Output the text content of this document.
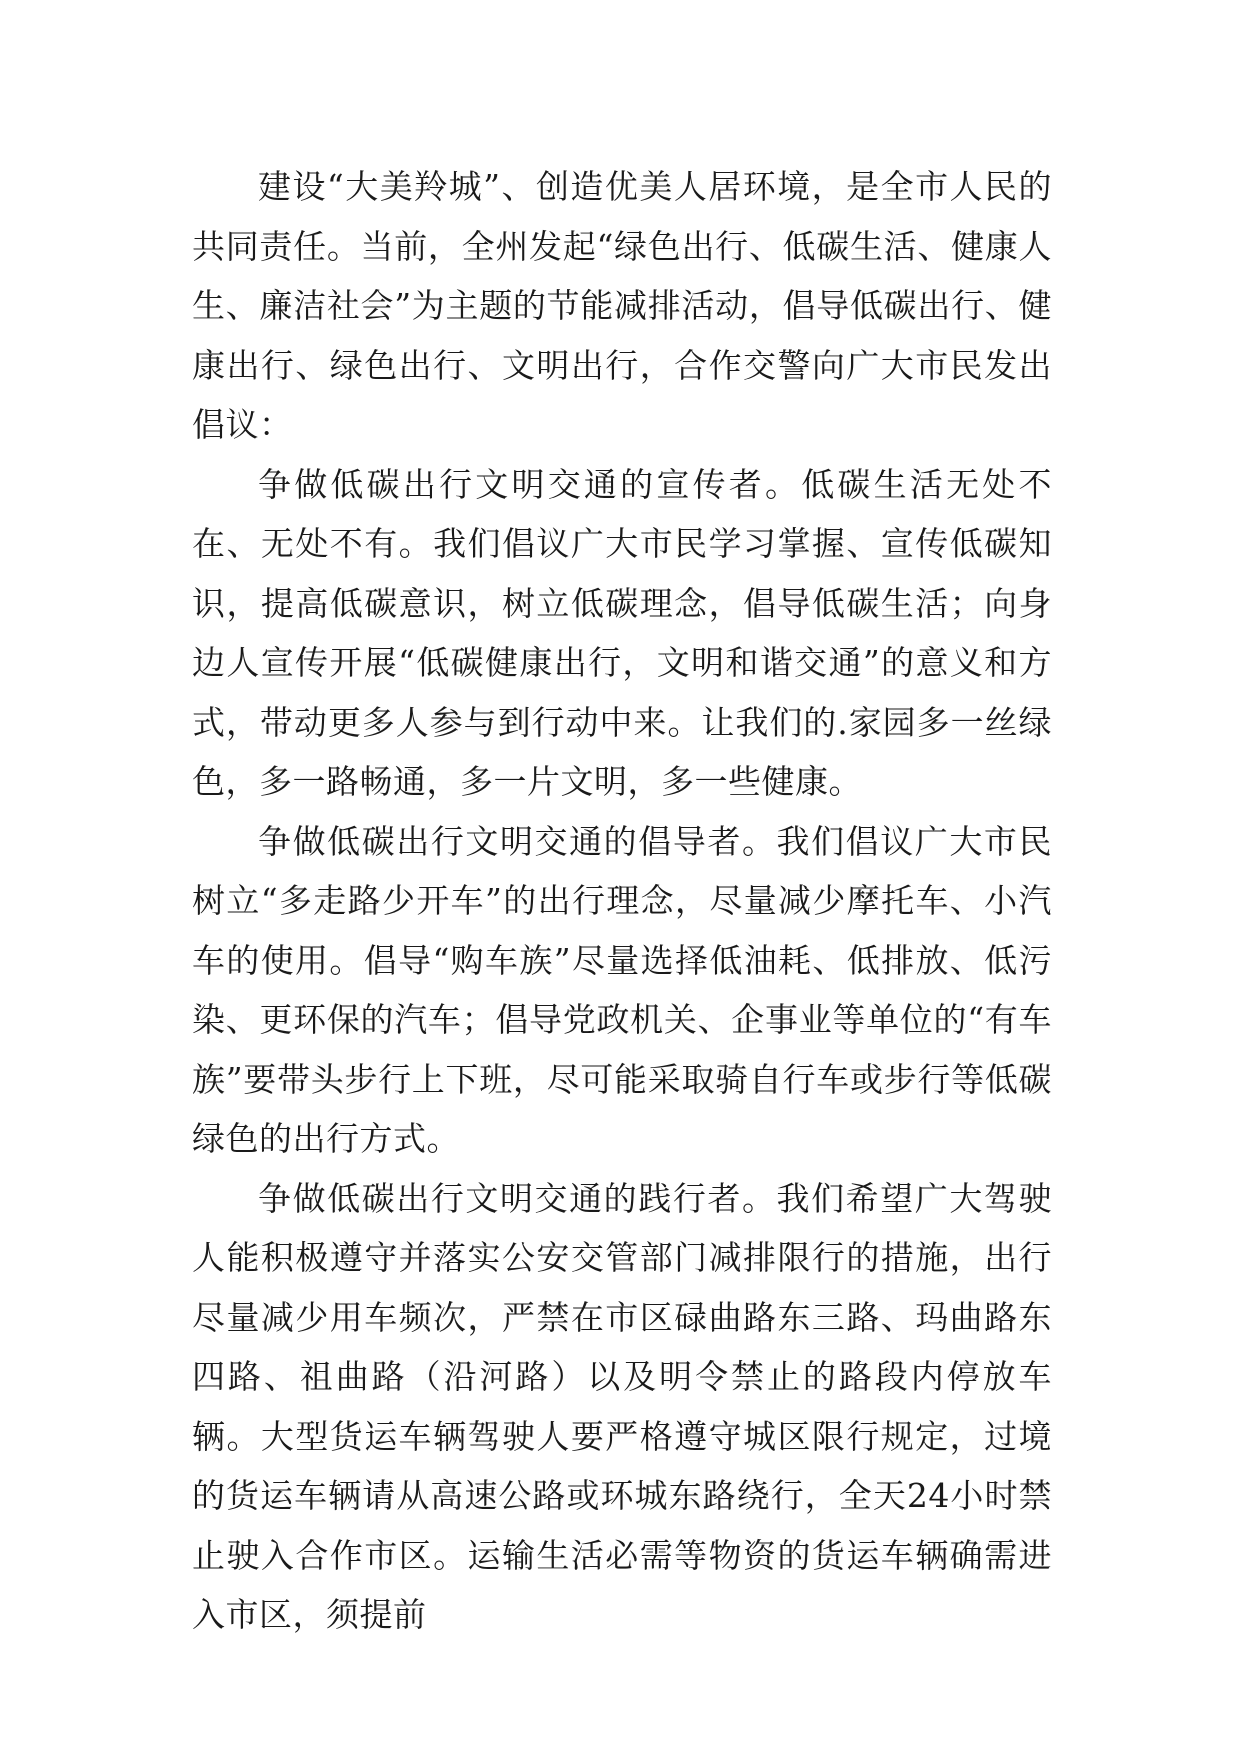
建设“大美羚城”、创造优美人居环境，是全市人民的共同责任。当前，全州发起“绿色出行、低碳生活、健康人生、廉洁社会”为主题的节能减排活动，倡导低碳出行、健康出行、绿色出行、文明出行，合作交警向广大市民发出倡议：

争做低碳出行文明交通的宣传者。低碳生活无处不在、无处不有。我们倡议广大市民学习掌握、宣传低碳知识，提高低碳意识，树立低碳理念，倡导低碳生活；向身边人宣传开展“低碳健康出行，文明和谐交通”的意义和方式，带动更多人参与到行动中来。让我们的.家园多一丝绿色，多一路畅通，多一片文明，多一些健康。

争做低碳出行文明交通的倡导者。我们倡议广大市民树立“多走路少开车”的出行理念，尽量减少摩托车、小汽车的使用。倡导“购车族”尽量选择低油耗、低排放、低污染、更环保的汽车；倡导党政机关、企事业等单位的“有车族”要带头步行上下班，尽可能采取骑自行车或步行等低碳绿色的出行方式。

争做低碳出行文明交通的践行者。我们希望广大驾驶人能积极遵守并落实公安交管部门减排限行的措施，出行尽量减少用车频次，严禁在市区碌曲路东三路、玛曲路东四路、祖曲路（沿河路）以及明令禁止的路段内停放车辆。大型货运车辆驾驶人要严格遵守城区限行规定，过境的货运车辆请从高速公路或环城东路绕行，全天24小时禁止驶入合作市区。运输生活必需等物资的货运车辆确需进入市区，须提前
